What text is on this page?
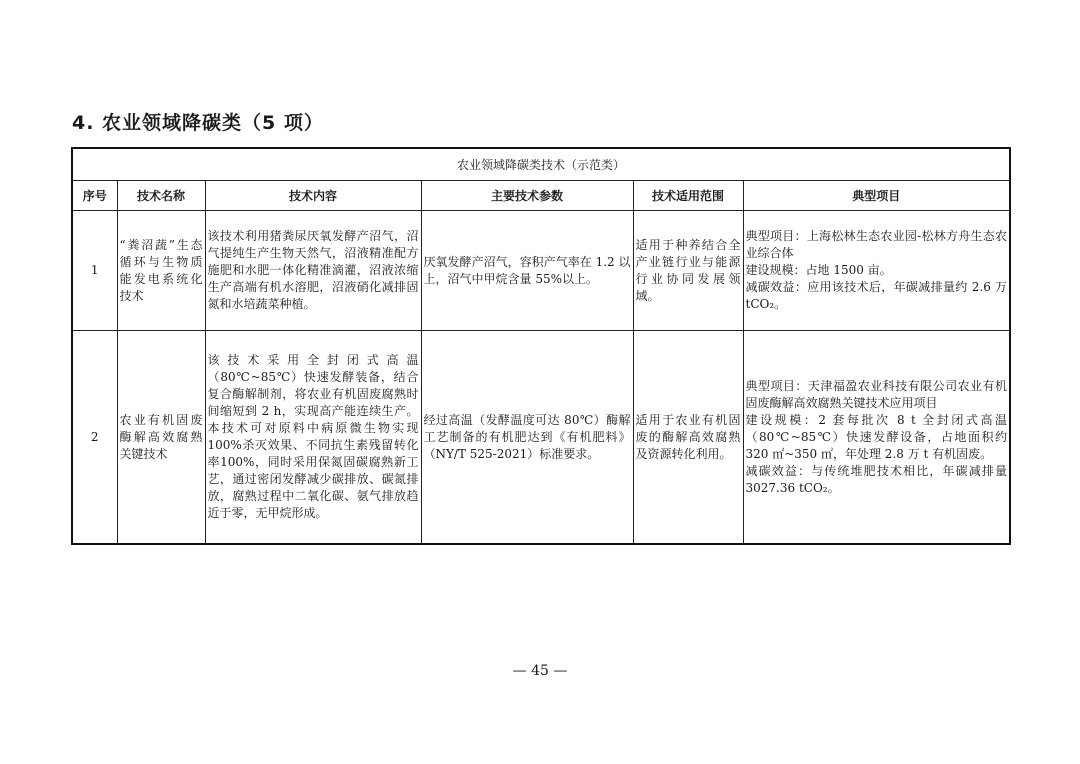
4. 农业领域降碳类（5 项）
农业领域降碳类技术（示范类）					
序号	技术名称	技术内容	主要技术参数	技术适用范围	典型项目
1	“粪沼蔬”生态循环与生物质能发电系统化技术	该技术利用猪粪尿厌氧发酵产沼气，沼气提纯生产生物天然气，沼液精准配方施肥和水肥一体化精准滴灌，沼液浓缩生产高端有机水溶肥，沼液硝化减排固氮和水培蔬菜种植。	厌氧发酵产沼气，容积产气率在 1.2 以上，沼气中甲烷含量 55%以上。	适用于种养结合全产业链行业与能源行业协同发展领域。	典型项目：上海松林生态农业园-松林方舟生态农业综合体
建设规模：占地 1500 亩。
减碳效益：应用该技术后，年碳减排量约 2.6 万 tCO₂。

2	农业有机固废酶解高效腐熟关键技术	该技术采用全封闭式高温（80℃~85℃）快速发酵装备，结合复合酶解制剂，将农业有机固废腐熟时间缩短到 2 h，实现高产能连续生产。本技术可对原料中病原微生物实现 100%杀灭效果、不同抗生素残留转化率100%，同时采用保氮固碳腐熟新工艺，通过密闭发酵减少碳排放、碳氮排放，腐熟过程中二氧化碳、氨气排放趋近于零，无甲烷形成。	经过高温（发酵温度可达 80℃）酶解工艺制备的有机肥达到《有机肥料》（NY/T 525-2021）标准要求。	适用于农业有机固废的酶解高效腐熟及资源转化利用。	典型项目：天津福盈农业科技有限公司农业有机固废酶解高效腐熟关键技术应用项目
建设规模：2 套每批次 8 t 全封闭式高温（80℃~85℃）快速发酵设备，占地面积约 320 ㎡~350 ㎡，年处理 2.8 万 t 有机固废。
减碳效益：与传统堆肥技术相比，年碳减排量 3027.36 tCO₂。
— 45 —
